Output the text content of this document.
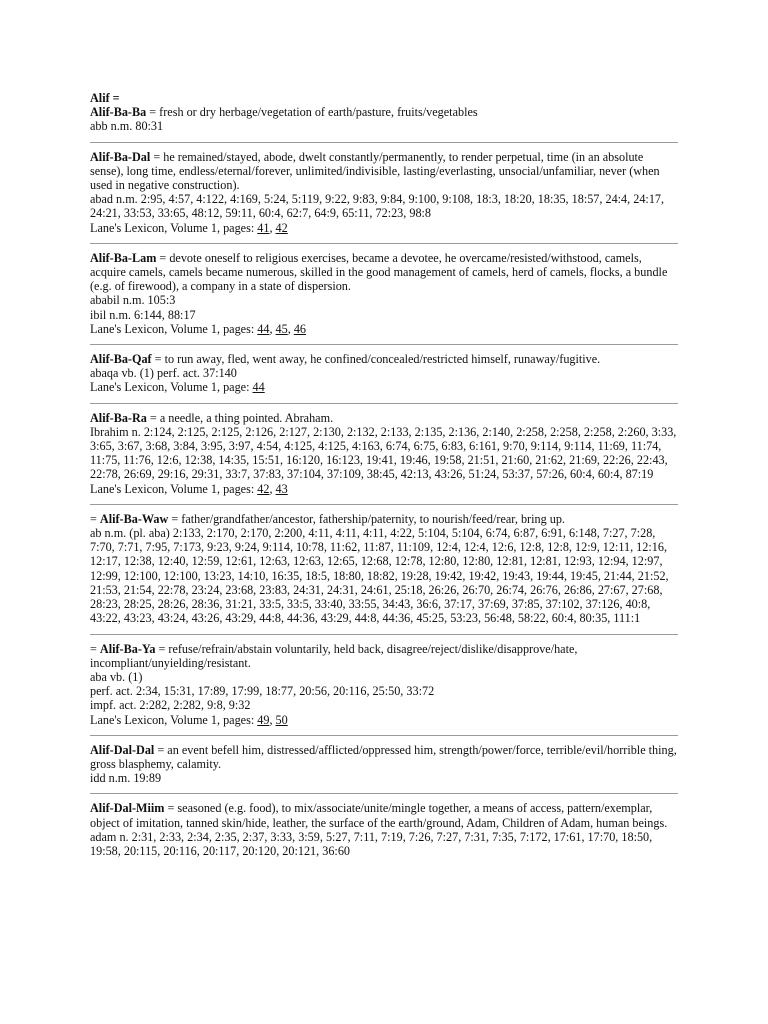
Alif =

Alif-Ba-Ba = fresh or dry herbage/vegetation of earth/pasture, fruits/vegetables

abb n.m. 80:31

Alif-Ba-Dal = he remained/stayed, abode, dwelt constantly/permanently, to render perpetual, time (in an absolute sense), long time, endless/eternal/forever, unlimited/indivisible, lasting/everlasting, unsocial/unfamiliar, never (when used in negative construction).

abad n.m. 2:95, 4:57, 4:122, 4:169, 5:24, 5:119, 9:22, 9:83, 9:84, 9:100, 9:108, 18:3, 18:20, 18:35, 18:57, 24:4, 24:17, 24:21, 33:53, 33:65, 48:12, 59:11, 60:4, 62:7, 64:9, 65:11, 72:23, 98:8

Lane's Lexicon, Volume 1, pages: 41, 42

Alif-Ba-Lam = devote oneself to religious exercises, became a devotee, he overcame/resisted/withstood, camels, acquire camels, camels became numerous, skilled in the good management of camels, herd of camels, flocks, a bundle (e.g. of firewood), a company in a state of dispersion.

ababil n.m. 105:3

ibil n.m. 6:144, 88:17

Lane's Lexicon, Volume 1, pages: 44, 45, 46

Alif-Ba-Qaf = to run away, fled, went away, he confined/concealed/restricted himself, runaway/fugitive.

abaqa vb. (1) perf. act. 37:140

Lane's Lexicon, Volume 1, page: 44

Alif-Ba-Ra = a needle, a thing pointed. Abraham.

Ibrahim n. 2:124, 2:125, 2:125, 2:126, 2:127, 2:130, 2:132, 2:133, 2:135, 2:136, 2:140, 2:258, 2:258, 2:258, 2:260, 3:33, 3:65, 3:67, 3:68, 3:84, 3:95, 3:97, 4:54, 4:125, 4:125, 4:163, 6:74, 6:75, 6:83, 6:161, 9:70, 9:114, 9:114, 11:69, 11:74, 11:75, 11:76, 12:6, 12:38, 14:35, 15:51, 16:120, 16:123, 19:41, 19:46, 19:58, 21:51, 21:60, 21:62, 21:69, 22:26, 22:43, 22:78, 26:69, 29:16, 29:31, 33:7, 37:83, 37:104, 37:109, 38:45, 42:13, 43:26, 51:24, 53:37, 57:26, 60:4, 60:4, 87:19

Lane's Lexicon, Volume 1, pages: 42, 43

= Alif-Ba-Waw = father/grandfather/ancestor, fathership/paternity, to nourish/feed/rear, bring up.

ab n.m. (pl. aba) 2:133, 2:170, 2:170, 2:200, 4:11, 4:11, 4:11, 4:22, 5:104, 5:104, 6:74, 6:87, 6:91, 6:148, 7:27, 7:28, 7:70, 7:71, 7:95, 7:173, 9:23, 9:24, 9:114, 10:78, 11:62, 11:87, 11:109, 12:4, 12:4, 12:6, 12:8, 12:8, 12:9, 12:11, 12:16, 12:17, 12:38, 12:40, 12:59, 12:61, 12:63, 12:63, 12:65, 12:68, 12:78, 12:80, 12:80, 12:81, 12:81, 12:93, 12:94, 12:97, 12:99, 12:100, 12:100, 13:23, 14:10, 16:35, 18:5, 18:80, 18:82, 19:28, 19:42, 19:42, 19:43, 19:44, 19:45, 21:44, 21:52, 21:53, 21:54, 22:78, 23:24, 23:68, 23:83, 24:31, 24:31, 24:61, 25:18, 26:26, 26:70, 26:74, 26:76, 26:86, 27:67, 27:68, 28:23, 28:25, 28:26, 28:36, 31:21, 33:5, 33:5, 33:40, 33:55, 34:43, 36:6, 37:17, 37:69, 37:85, 37:102, 37:126, 40:8, 43:22, 43:23, 43:24, 43:26, 43:29, 44:8, 44:36, 43:29, 44:8, 44:36, 45:25, 53:23, 56:48, 58:22, 60:4, 80:35, 111:1

= Alif-Ba-Ya = refuse/refrain/abstain voluntarily, held back, disagree/reject/dislike/disapprove/hate, incompliant/unyielding/resistant.

aba vb. (1)

perf. act. 2:34, 15:31, 17:89, 17:99, 18:77, 20:56, 20:116, 25:50, 33:72

impf. act. 2:282, 2:282, 9:8, 9:32

Lane's Lexicon, Volume 1, pages: 49, 50

Alif-Dal-Dal = an event befell him, distressed/afflicted/oppressed him, strength/power/force, terrible/evil/horrible thing, gross blasphemy, calamity.

idd n.m. 19:89

Alif-Dal-Miim = seasoned (e.g. food), to mix/associate/unite/mingle together, a means of access, pattern/exemplar, object of imitation, tanned skin/hide, leather, the surface of the earth/ground, Adam, Children of Adam, human beings.

adam n. 2:31, 2:33, 2:34, 2:35, 2:37, 3:33, 3:59, 5:27, 7:11, 7:19, 7:26, 7:27, 7:31, 7:35, 7:172, 17:61, 17:70, 18:50, 19:58, 20:115, 20:116, 20:117, 20:120, 20:121, 36:60
